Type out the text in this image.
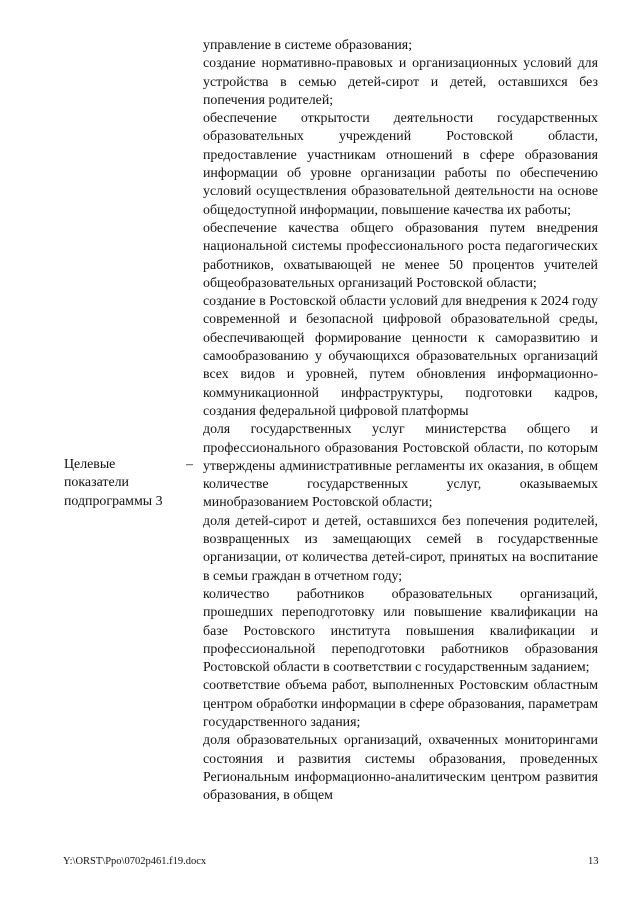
управление в системе образования;

создание нормативно-правовых и организационных условий для устройства в семью детей-сирот и детей, оставшихся без попечения родителей;

обеспечение открытости деятельности государственных образовательных учреждений Ростовской области, предоставление участникам отношений в сфере образования информации об уровне организации работы по обеспечению условий осуществления образовательной деятельности на основе общедоступной информации, повышение качества их работы;

обеспечение качества общего образования путем внедрения национальной системы профессионального роста педагогических работников, охватывающей не менее 50 процентов учителей общеобразовательных организаций Ростовской области;

создание в Ростовской области условий для внедрения к 2024 году современной и безопасной цифровой образовательной среды, обеспечивающей формирование ценности к саморазвитию и самообразованию у обучающихся образовательных организаций всех видов и уровней, путем обновления информационно-коммуникационной инфраструктуры, подготовки кадров, создания федеральной цифровой платформы

доля государственных услуг министерства общего и профессионального образования Ростовской области, по которым утверждены административные регламенты их оказания, в общем количестве государственных услуг, оказываемых минобразованием Ростовской области;

доля детей-сирот и детей, оставшихся без попечения родителей, возвращенных из замещающих семей в государственные организации, от количества детей-сирот, принятых на воспитание в семьи граждан в отчетном году;

количество работников образовательных организаций, прошедших переподготовку или повышение квалификации на базе Ростовского института повышения квалификации и профессиональной переподготовки работников образования Ростовской области в соответствии с государственным заданием;

соответствие объема работ, выполненных Ростовским областным центром обработки информации в сфере образования, параметрам государственного задания;

доля образовательных организаций, охваченных мониторингами состояния и развития системы образования, проведенных Региональным информационно-аналитическим центром развития образования, в общем

Целевые
показатели
подпрограммы 3
–
Y:\ORST\Ppo\0702p461.f19.docx	13
